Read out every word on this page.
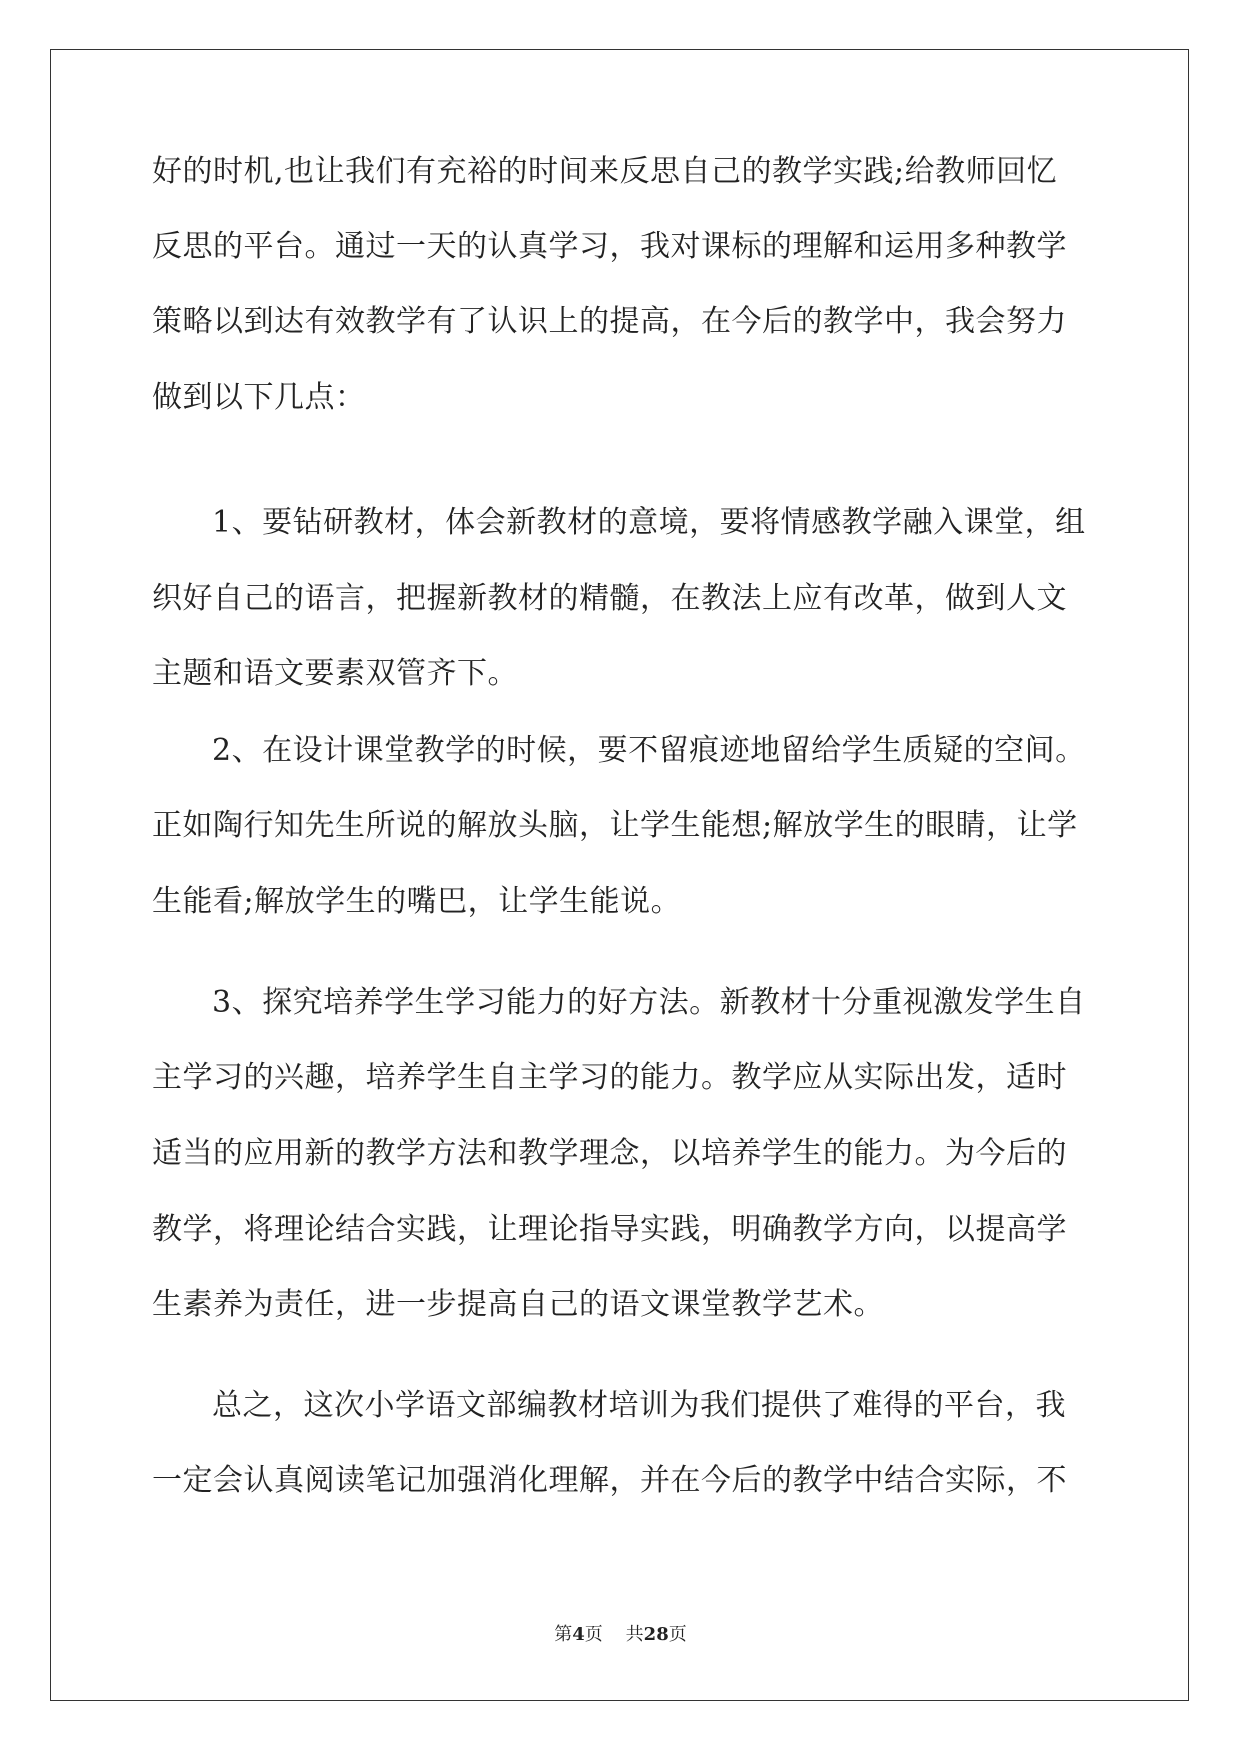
好的时机,也让我们有充裕的时间来反思自己的教学实践;给教师回忆
反思的平台。通过一天的认真学习，我对课标的理解和运用多种教学
策略以到达有效教学有了认识上的提高，在今后的教学中，我会努力
做到以下几点：
1、要钻研教材，体会新教材的意境，要将情感教学融入课堂，组
织好自己的语言，把握新教材的精髓，在教法上应有改革，做到人文
主题和语文要素双管齐下。
2、在设计课堂教学的时候，要不留痕迹地留给学生质疑的空间。
正如陶行知先生所说的解放头脑，让学生能想;解放学生的眼睛，让学
生能看;解放学生的嘴巴，让学生能说。
3、探究培养学生学习能力的好方法。新教材十分重视激发学生自
主学习的兴趣，培养学生自主学习的能力。教学应从实际出发，适时
适当的应用新的教学方法和教学理念，以培养学生的能力。为今后的
教学，将理论结合实践，让理论指导实践，明确教学方向，以提高学
生素养为责任，进一步提高自己的语文课堂教学艺术。
总之，这次小学语文部编教材培训为我们提供了难得的平台，我
一定会认真阅读笔记加强消化理解，并在今后的教学中结合实际，不
第4页 共28页
